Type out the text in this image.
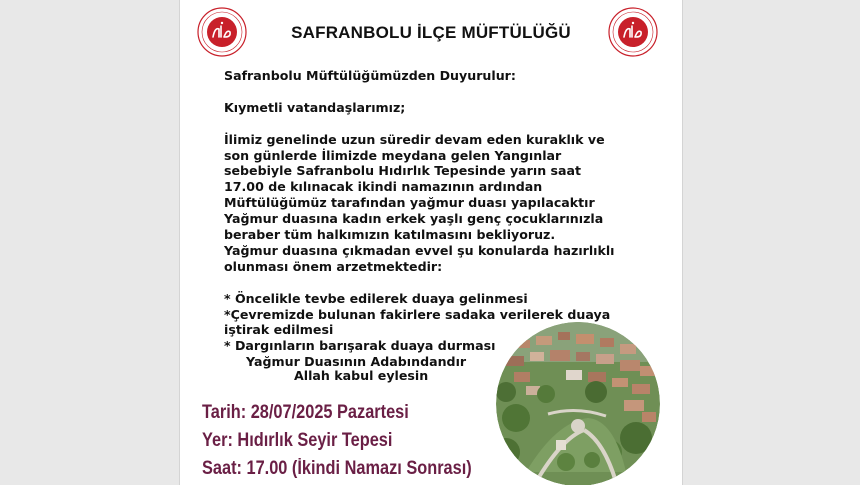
SAFRANBOLU İLÇE MÜFTÜLÜĞÜ
Safranbolu Müftülüğümüzden Duyurulur:
Kıymetli vatandaşlarımız;
İlimiz genelinde uzun süredir devam eden kuraklık ve
son günlerde İlimizde meydana gelen Yangınlar
sebebiyle Safranbolu Hıdırlık Tepesinde yarın saat
17.00 de kılınacak ikindi namazının ardından
Müftülüğümüz tarafından yağmur duası yapılacaktır
Yağmur duasına kadın erkek yaşlı genç çocuklarınızla
beraber tüm halkımızın katılmasını bekliyoruz.
Yağmur duasına çıkmadan evvel şu konularda hazırlıklı
olunması önem arzetmektedir:
* Öncelikle tevbe edilerek duaya gelinmesi
*Çevremizde bulunan fakirlere sadaka verilerek duaya
iştirak edilmesi
* Dargınların barışarak duaya durması
Yağmur Duasının Adabındandır
Allah kabul eylesin
Tarih: 28/07/2025 Pazartesi
Yer: Hıdırlık Seyir Tepesi
Saat: 17.00 (İkindi Namazı Sonrası)
